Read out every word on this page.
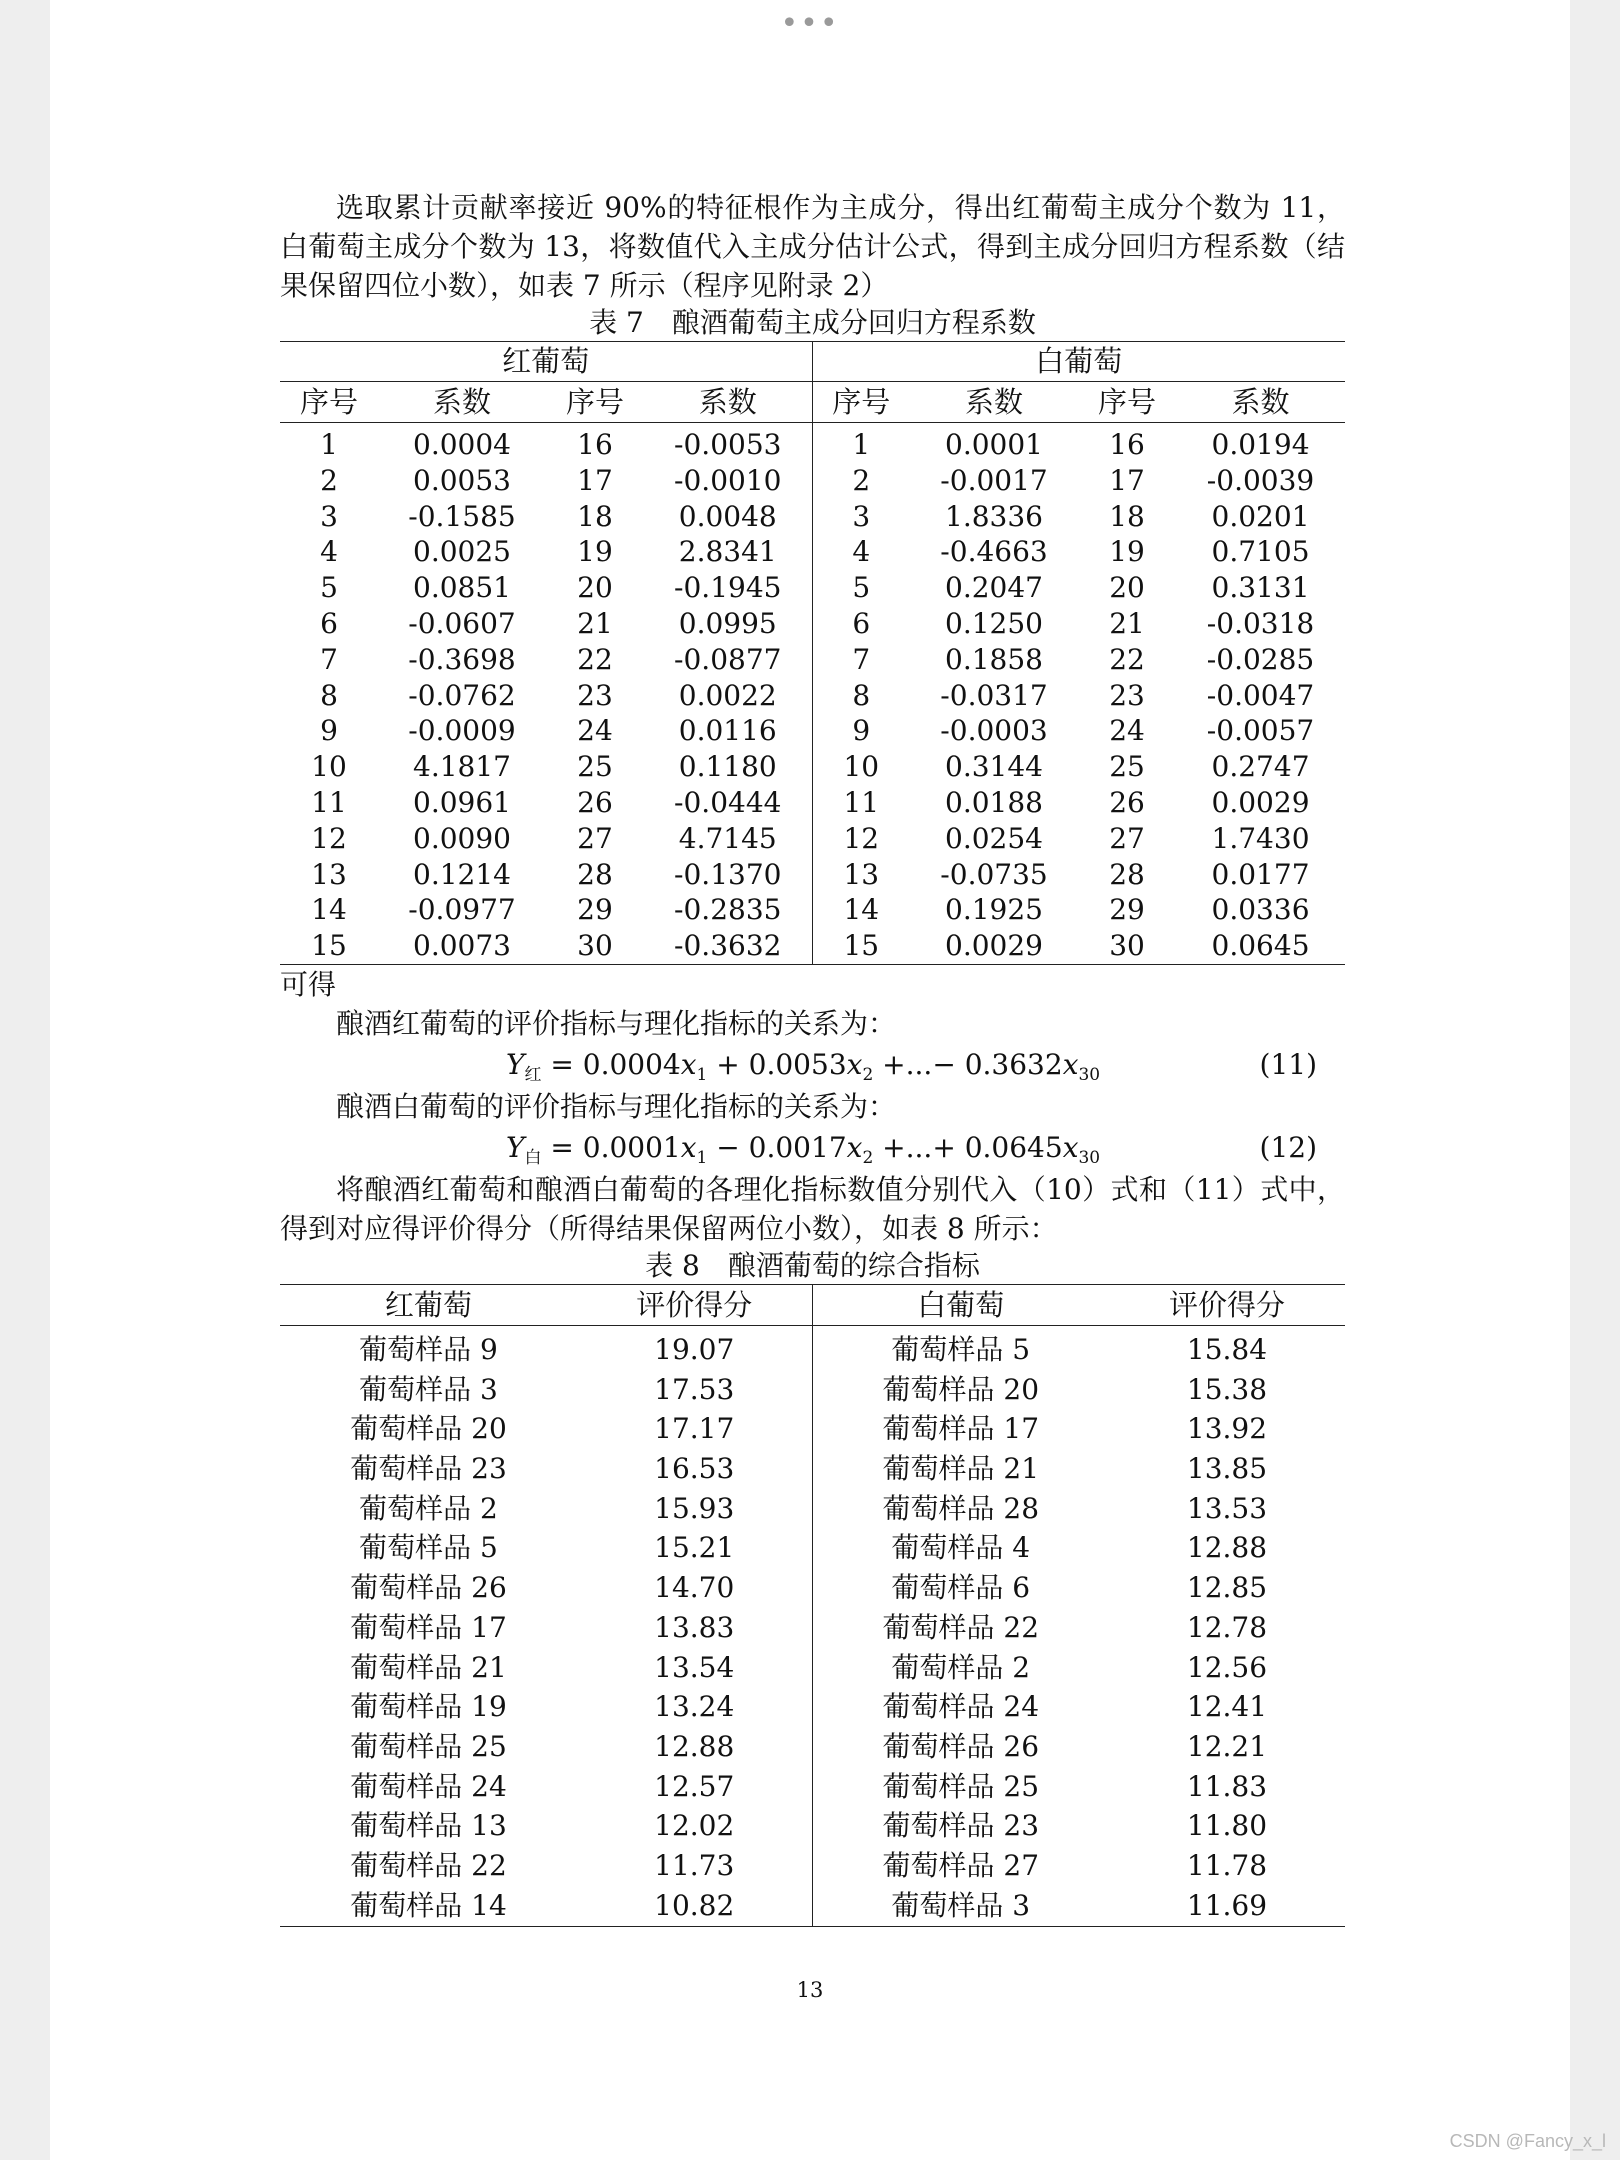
•••

选取累计贡献率接近 90%的特征根作为主成分，得出红葡萄主成分个数为 11，白葡萄主成分个数为 13，将数值代入主成分估计公式，得到主成分回归方程系数（结果保留四位小数），如表 7 所示（程序见附录 2）

表 7　酿酒葡萄主成分回归方程系数

红葡萄				白葡萄			
序号	系数	序号	系数	序号	系数	序号	系数
1	0.0004	16	-0.0053	1	0.0001	16	0.0194
2	0.0053	17	-0.0010	2	-0.0017	17	-0.0039
3	-0.1585	18	0.0048	3	1.8336	18	0.0201
4	0.0025	19	2.8341	4	-0.4663	19	0.7105
5	0.0851	20	-0.1945	5	0.2047	20	0.3131
6	-0.0607	21	0.0995	6	0.1250	21	-0.0318
7	-0.3698	22	-0.0877	7	0.1858	22	-0.0285
8	-0.0762	23	0.0022	8	-0.0317	23	-0.0047
9	-0.0009	24	0.0116	9	-0.0003	24	-0.0057
10	4.1817	25	0.1180	10	0.3144	25	0.2747
11	0.0961	26	-0.0444	11	0.0188	26	0.0029
12	0.0090	27	4.7145	12	0.0254	27	1.7430
13	0.1214	28	-0.1370	13	-0.0735	28	0.0177
14	-0.0977	29	-0.2835	14	0.1925	29	0.0336
15	0.0073	30	-0.3632	15	0.0029	30	0.0645

可得

酿酒红葡萄的评价指标与理化指标的关系为：

$Y_红 = 0.0004x_1 + 0.0053x_2$ +...− $0.3632x_{30}$	(11)

酿酒白葡萄的评价指标与理化指标的关系为：

$Y_白 = 0.0001x_1 - 0.0017x_2$ +...+ $0.0645x_{30}$	(12)

将酿酒红葡萄和酿酒白葡萄的各理化指标数值分别代入（10）式和（11）式中，得到对应得评价得分（所得结果保留两位小数），如表 8 所示：

表 8　酿酒葡萄的综合指标

红葡萄	评价得分	白葡萄	评价得分
葡萄样品 9	19.07	葡萄样品 5	15.84
葡萄样品 3	17.53	葡萄样品 20	15.38
葡萄样品 20	17.17	葡萄样品 17	13.92
葡萄样品 23	16.53	葡萄样品 21	13.85
葡萄样品 2	15.93	葡萄样品 28	13.53
葡萄样品 5	15.21	葡萄样品 4	12.88
葡萄样品 26	14.70	葡萄样品 6	12.85
葡萄样品 17	13.83	葡萄样品 22	12.78
葡萄样品 21	13.54	葡萄样品 2	12.56
葡萄样品 19	13.24	葡萄样品 24	12.41
葡萄样品 25	12.88	葡萄样品 26	12.21
葡萄样品 24	12.57	葡萄样品 25	11.83
葡萄样品 13	12.02	葡萄样品 23	11.80
葡萄样品 22	11.73	葡萄样品 27	11.78
葡萄样品 14	10.82	葡萄样品 3	11.69
13
CSDN @Fancy_x_l
